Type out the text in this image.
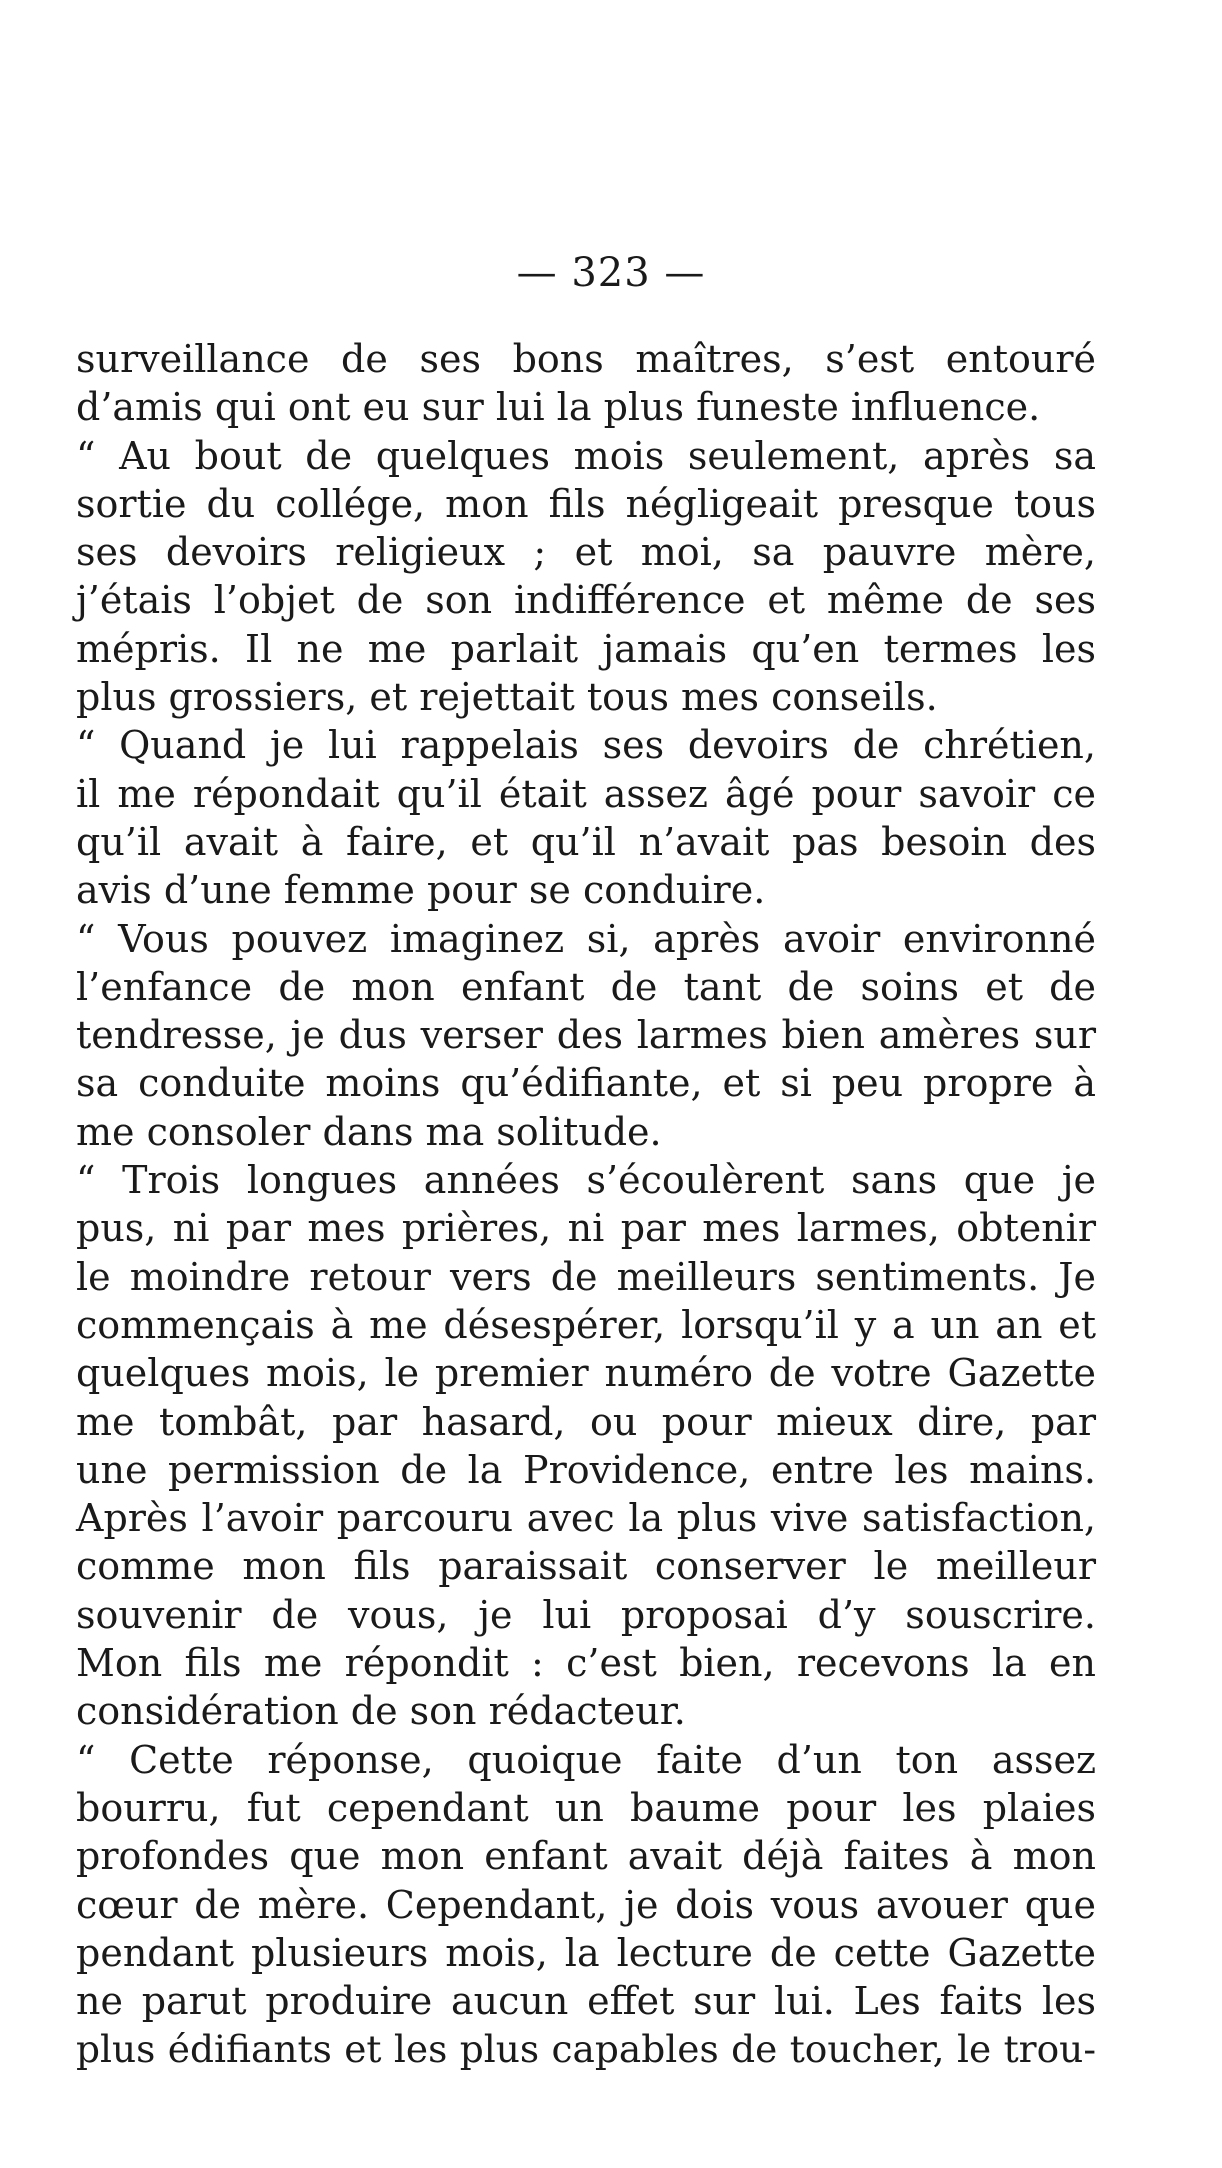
— 323 —
surveillance de ses bons maîtres, s’est entouré
d’amis qui ont eu sur lui la plus funeste influence.
“ Au bout de quelques mois seulement, après sa
sortie du collége, mon fils négligeait presque tous
ses devoirs religieux ; et moi, sa pauvre mère,
j’étais l’objet de son indifférence et même de ses
mépris. Il ne me parlait jamais qu’en termes les
plus grossiers, et rejettait tous mes conseils.
“ Quand je lui rappelais ses devoirs de chrétien,
il me répondait qu’il était assez âgé pour savoir ce
qu’il avait à faire, et qu’il n’avait pas besoin des
avis d’une femme pour se conduire.
“ Vous pouvez imaginez si, après avoir environné
l’enfance de mon enfant de tant de soins et de
tendresse, je dus verser des larmes bien amères sur
sa conduite moins qu’édifiante, et si peu propre à
me consoler dans ma solitude.
“ Trois longues années s’écoulèrent sans que je
pus, ni par mes prières, ni par mes larmes, obtenir
le moindre retour vers de meilleurs sentiments. Je
commençais à me désespérer, lorsqu’il y a un an et
quelques mois, le premier numéro de votre Gazette
me tombât, par hasard, ou pour mieux dire, par
une permission de la Providence, entre les mains.
Après l’avoir parcouru avec la plus vive satisfaction,
comme mon fils paraissait conserver le meilleur
souvenir de vous, je lui proposai d’y souscrire.
Mon fils me répondit : c’est bien, recevons la en
considération de son rédacteur.
“ Cette réponse, quoique faite d’un ton assez
bourru, fut cependant un baume pour les plaies
profondes que mon enfant avait déjà faites à mon
cœur de mère. Cependant, je dois vous avouer que
pendant plusieurs mois, la lecture de cette Gazette
ne parut produire aucun effet sur lui. Les faits les
plus édifiants et les plus capables de toucher, le trou-
